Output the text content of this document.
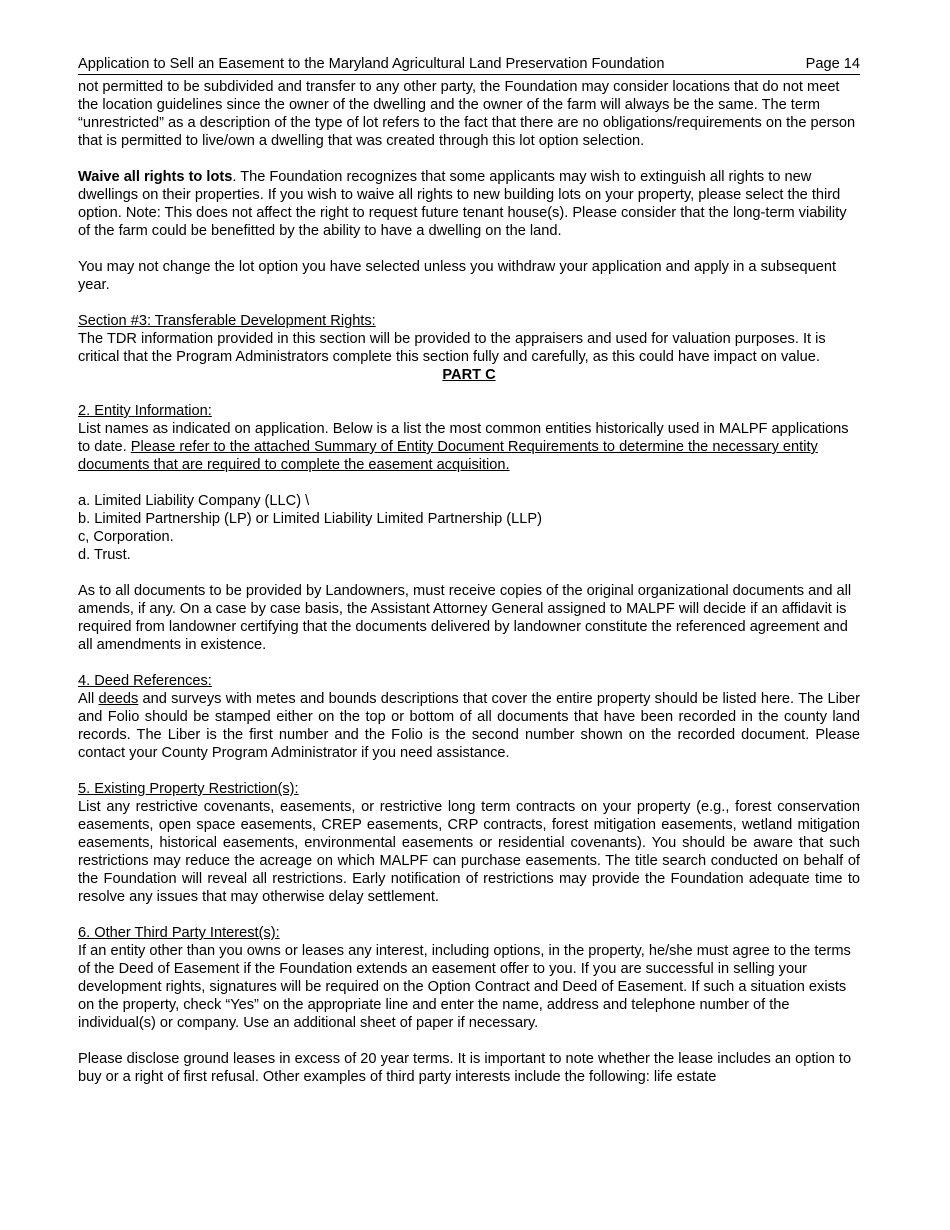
Application to Sell an Easement to the Maryland Agricultural Land Preservation Foundation	Page 14

not permitted to be subdivided and transfer to any other party, the Foundation may consider locations that do not meet the location guidelines since the owner of the dwelling and the owner of the farm will always be the same. The term “unrestricted” as a description of the type of lot refers to the fact that there are no obligations/requirements on the person that is permitted to live/own a dwelling that was created through this lot option selection.

Waive all rights to lots. The Foundation recognizes that some applicants may wish to extinguish all rights to new dwellings on their properties. If you wish to waive all rights to new building lots on your property, please select the third option. Note: This does not affect the right to request future tenant house(s). Please consider that the long-term viability of the farm could be benefitted by the ability to have a dwelling on the land.

You may not change the lot option you have selected unless you withdraw your application and apply in a subsequent year.

Section #3: Transferable Development Rights:

The TDR information provided in this section will be provided to the appraisers and used for valuation purposes. It is critical that the Program Administrators complete this section fully and carefully, as this could have impact on value.

PART C

2. Entity Information:

List names as indicated on application. Below is a list the most common entities historically used in MALPF applications to date. Please refer to the attached Summary of Entity Document Requirements to determine the necessary entity documents that are required to complete the easement acquisition.

a. Limited Liability Company (LLC) \

b. Limited Partnership (LP) or Limited Liability Limited Partnership (LLP)

c, Corporation.

d. Trust.

As to all documents to be provided by Landowners, must receive copies of the original organizational documents and all amends, if any. On a case by case basis, the Assistant Attorney General assigned to MALPF will decide if an affidavit is required from landowner certifying that the documents delivered by landowner constitute the referenced agreement and all amendments in existence.

4. Deed References:

All deeds and surveys with metes and bounds descriptions that cover the entire property should be listed here. The Liber and Folio should be stamped either on the top or bottom of all documents that have been recorded in the county land records. The Liber is the first number and the Folio is the second number shown on the recorded document. Please contact your County Program Administrator if you need assistance.

5. Existing Property Restriction(s):

List any restrictive covenants, easements, or restrictive long term contracts on your property (e.g., forest conservation easements, open space easements, CREP easements, CRP contracts, forest mitigation easements, wetland mitigation easements, historical easements, environmental easements or residential covenants). You should be aware that such restrictions may reduce the acreage on which MALPF can purchase easements. The title search conducted on behalf of the Foundation will reveal all restrictions. Early notification of restrictions may provide the Foundation adequate time to resolve any issues that may otherwise delay settlement.

6. Other Third Party Interest(s):

If an entity other than you owns or leases any interest, including options, in the property, he/she must agree to the terms of the Deed of Easement if the Foundation extends an easement offer to you. If you are successful in selling your development rights, signatures will be required on the Option Contract and Deed of Easement. If such a situation exists on the property, check “Yes” on the appropriate line and enter the name, address and telephone number of the individual(s) or company. Use an additional sheet of paper if necessary.

Please disclose ground leases in excess of 20 year terms. It is important to note whether the lease includes an option to buy or a right of first refusal. Other examples of third party interests include the following: life estate
